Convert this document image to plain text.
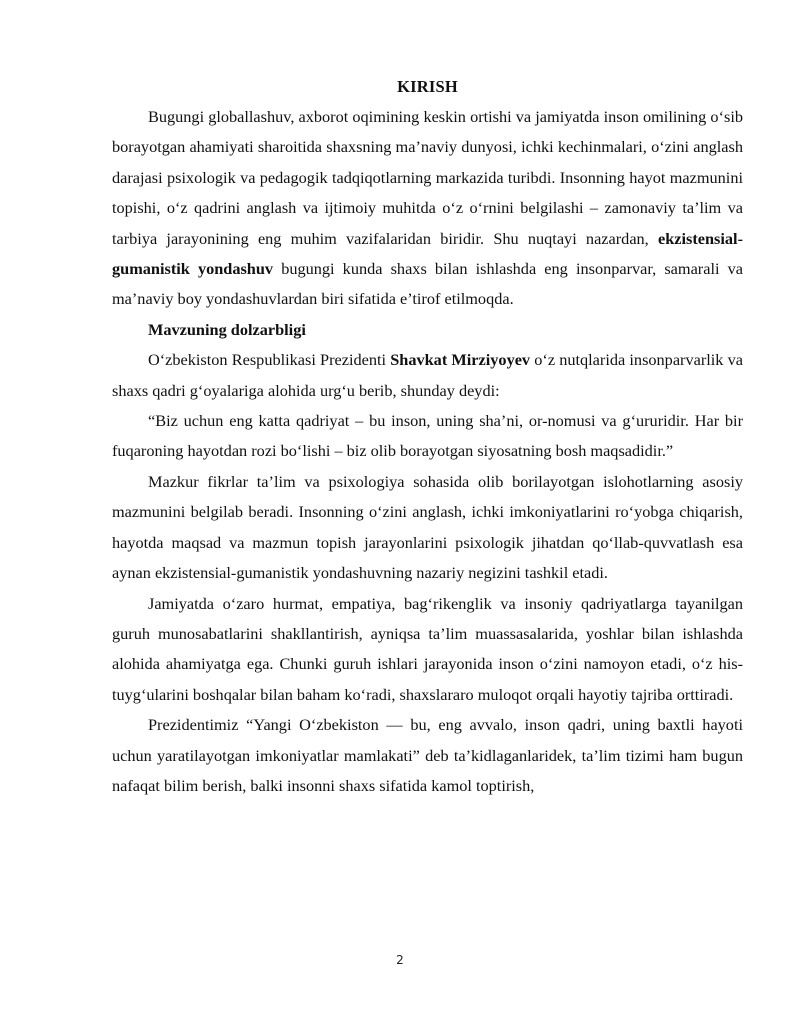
KIRISH

Bugungi globallashuv, axborot oqimining keskin ortishi va jamiyatda inson omilining o‘sib borayotgan ahamiyati sharoitida shaxsning ma’naviy dunyosi, ichki kechinmalari, o‘zini anglash darajasi psixologik va pedagogik tadqiqotlarning markazida turibdi. Insonning hayot mazmunini topishi, o‘z qadrini anglash va ijtimoiy muhitda o‘z o‘rnini belgilashi – zamonaviy ta’lim va tarbiya jarayonining eng muhim vazifalaridan biridir. Shu nuqtayi nazardan, ekzistensial-gumanistik yondashuv bugungi kunda shaxs bilan ishlashda eng insonparvar, samarali va ma’naviy boy yondashuvlardan biri sifatida e’tirof etilmoqda.

Mavzuning dolzarbligi

O‘zbekiston Respublikasi Prezidenti Shavkat Mirziyoyev o‘z nutqlarida insonparvarlik va shaxs qadri g‘oyalariga alohida urg‘u berib, shunday deydi:

“Biz uchun eng katta qadriyat – bu inson, uning sha’ni, or-nomusi va g‘ururidir. Har bir fuqaroning hayotdan rozi bo‘lishi – biz olib borayotgan siyosatning bosh maqsadidir.”

Mazkur fikrlar ta’lim va psixologiya sohasida olib borilayotgan islohotlarning asosiy mazmunini belgilab beradi. Insonning o‘zini anglash, ichki imkoniyatlarini ro‘yobga chiqarish, hayotda maqsad va mazmun topish jarayonlarini psixologik jihatdan qo‘llab-quvvatlash esa aynan ekzistensial-gumanistik yondashuvning nazariy negizini tashkil etadi.

Jamiyatda o‘zaro hurmat, empatiya, bag‘rikenglik va insoniy qadriyatlarga tayanilgan guruh munosabatlarini shakllantirish, ayniqsa ta’lim muassasalarida, yoshlar bilan ishlashda alohida ahamiyatga ega. Chunki guruh ishlari jarayonida inson o‘zini namoyon etadi, o‘z his-tuyg‘ularini boshqalar bilan baham ko‘radi, shaxslararo muloqot orqali hayotiy tajriba orttiradi.

Prezidentimiz “Yangi O‘zbekiston — bu, eng avvalo, inson qadri, uning baxtli hayoti uchun yaratilayotgan imkoniyatlar mamlakati” deb ta’kidlaganlaridek, ta’lim tizimi ham bugun nafaqat bilim berish, balki insonni shaxs sifatida kamol toptirish,

2
